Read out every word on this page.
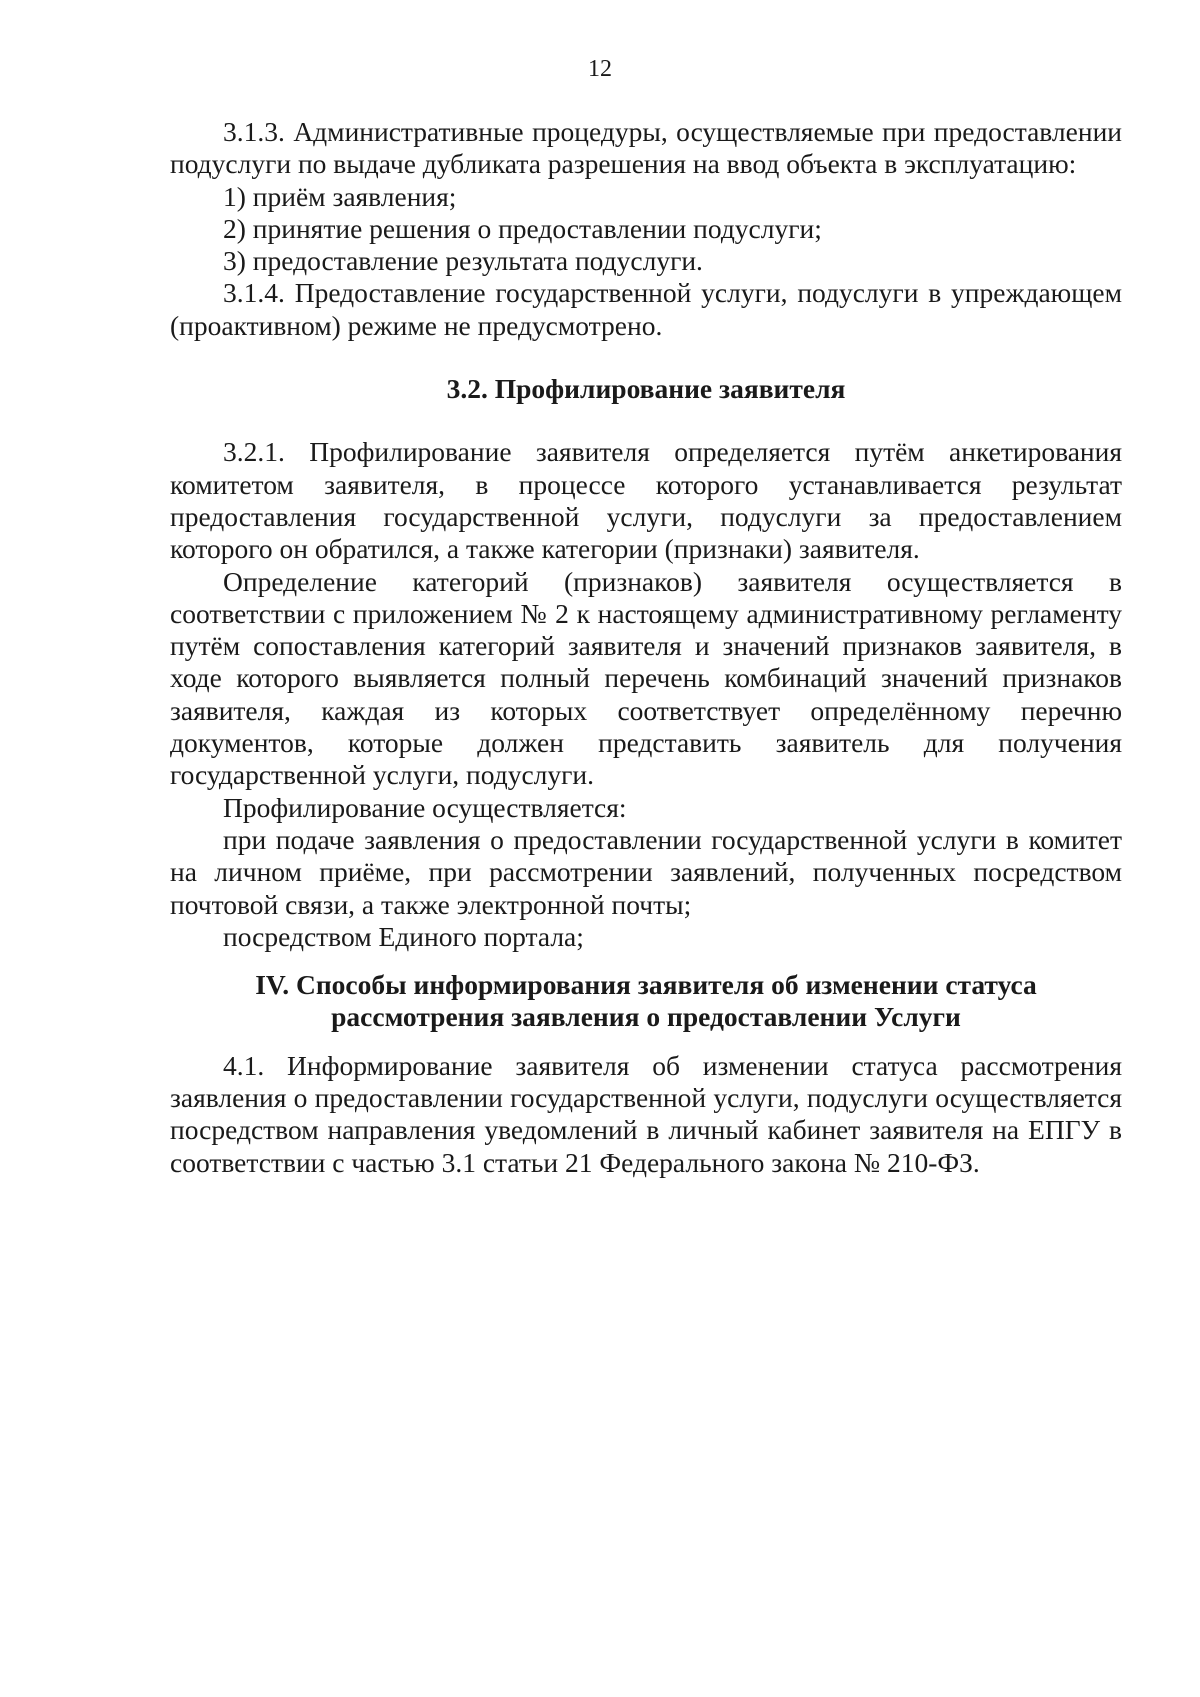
12

3.1.3. Административные процедуры, осуществляемые при предоставлении подуслуги по выдаче дубликата разрешения на ввод объекта в эксплуатацию:

1) приём заявления;

2) принятие решения о предоставлении подуслуги;

3) предоставление результата подуслуги.

3.1.4. Предоставление государственной услуги, подуслуги в упреждающем (проактивном) режиме не предусмотрено.

3.2. Профилирование заявителя

3.2.1. Профилирование заявителя определяется путём анкетирования комитетом заявителя, в процессе которого устанавливается результат предоставления государственной услуги, подуслуги за предоставлением которого он обратился, а также категории (признаки) заявителя.

Определение категорий (признаков) заявителя осуществляется в соответствии с приложением № 2 к настоящему административному регламенту путём сопоставления категорий заявителя и значений признаков заявителя, в ходе которого выявляется полный перечень комбинаций значений признаков заявителя, каждая из которых соответствует определённому перечню документов, которые должен представить заявитель для получения государственной услуги, подуслуги.

Профилирование осуществляется:

при подаче заявления о предоставлении государственной услуги в комитет на личном приёме, при рассмотрении заявлений, полученных посредством почтовой связи, а также электронной почты;

посредством Единого портала;

IV. Способы информирования заявителя об изменении статуса
рассмотрения заявления о предоставлении Услуги

4.1. Информирование заявителя об изменении статуса рассмотрения заявления о предоставлении государственной услуги, подуслуги осуществляется посредством направления уведомлений в личный кабинет заявителя на ЕПГУ в соответствии с частью 3.1 статьи 21 Федерального закона № 210-ФЗ.
